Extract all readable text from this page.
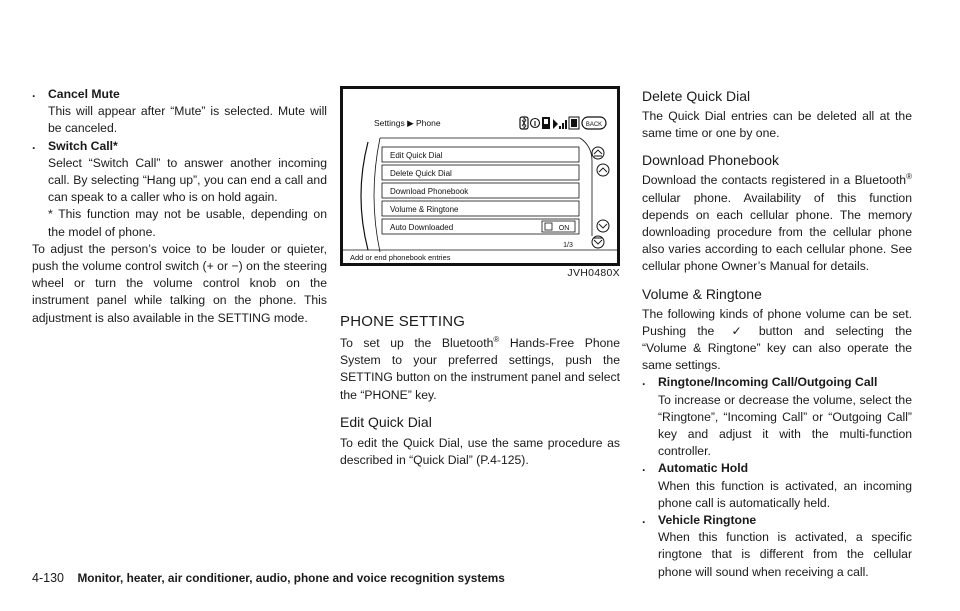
. Cancel Mute

This will appear after “Mute” is selected. Mute will be canceled.

. Switch Call*

Select “Switch Call” to answer another incoming call. By selecting “Hang up”, you can end a call and can speak to a caller who is on hold again.

* This function may not be usable, depending on the model of phone.

To adjust the person’s voice to be louder or quieter, push the volume control switch (+ or −) on the steering wheel or turn the volume control knob on the instrument panel while talking on the phone. This adjustment is also available in the SETTING mode.

Settings ▶ Phone	BACK
Edit Quick Dial
Delete Quick Dial
Download Phonebook
Volume & Ringtone
Auto Downloaded	ON
1/3
Add or end phonebook entries
JVH0480X
PHONE SETTING

To set up the Bluetooth® Hands-Free Phone System to your preferred settings, push the SETTING button on the instrument panel and select the “PHONE” key.

Edit Quick Dial

To edit the Quick Dial, use the same procedure as described in “Quick Dial” (P.4-125).

Delete Quick Dial

The Quick Dial entries can be deleted all at the same time or one by one.

Download Phonebook

Download the contacts registered in a Bluetooth® cellular phone. Availability of this function depends on each cellular phone. The memory downloading procedure from the cellular phone also varies according to each cellular phone. See cellular phone Owner’s Manual for details.

Volume & Ringtone

The following kinds of phone volume can be set. Pushing the ✓ button and selecting the “Volume & Ringtone” key can also operate the same settings.

. Ringtone/Incoming Call/Outgoing Call

To increase or decrease the volume, select the “Ringtone”, “Incoming Call” or “Outgoing Call” key and adjust it with the multi-function controller.

. Automatic Hold

When this function is activated, an incoming phone call is automatically held.

. Vehicle Ringtone

When this function is activated, a specific ringtone that is different from the cellular phone will sound when receiving a call.

4-130 Monitor, heater, air conditioner, audio, phone and voice recognition systems
